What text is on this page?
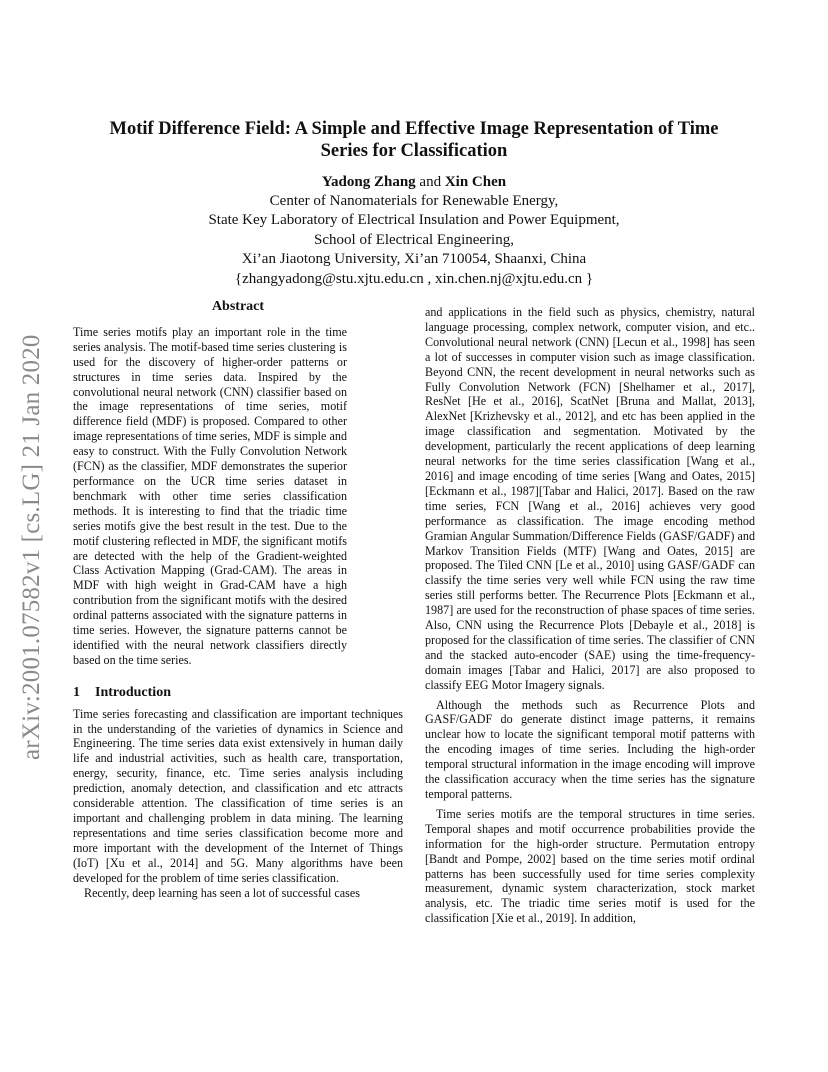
arXiv:2001.07582v1 [cs.LG] 21 Jan 2020
Motif Difference Field: A Simple and Effective Image Representation of Time
Series for Classification
Yadong Zhang and Xin Chen
Center of Nanomaterials for Renewable Energy,
State Key Laboratory of Electrical Insulation and Power Equipment,
School of Electrical Engineering,
Xi’an Jiaotong University, Xi’an 710054, Shaanxi, China
{zhangyadong@stu.xjtu.edu.cn , xin.chen.nj@xjtu.edu.cn }
Abstract

Time series motifs play an important role in the time series analysis. The motif-based time series clustering is used for the discovery of higher-order patterns or structures in time series data. Inspired by the convolutional neural network (CNN) classifier based on the image representations of time series, motif difference field (MDF) is proposed. Compared to other image representations of time series, MDF is simple and easy to construct. With the Fully Convolution Network (FCN) as the classifier, MDF demonstrates the superior performance on the UCR time series dataset in benchmark with other time series classification methods. It is interesting to find that the triadic time series motifs give the best result in the test. Due to the motif clustering reflected in MDF, the significant motifs are detected with the help of the Gradient-weighted Class Activation Mapping (Grad-CAM). The areas in MDF with high weight in Grad-CAM have a high contribution from the significant motifs with the desired ordinal patterns associated with the signature patterns in time series. However, the signature patterns cannot be identified with the neural network classifiers directly based on the time series.

1 Introduction

Time series forecasting and classification are important techniques in the understanding of the varieties of dynamics in Science and Engineering. The time series data exist extensively in human daily life and industrial activities, such as health care, transportation, energy, security, finance, etc. Time series analysis including prediction, anomaly detection, and classification and etc attracts considerable attention. The classification of time series is an important and challenging problem in data mining. The learning representations and time series classification become more and more important with the development of the Internet of Things (IoT) [Xu et al., 2014] and 5G. Many algorithms have been developed for the problem of time series classification.

Recently, deep learning has seen a lot of successful cases

and applications in the field such as physics, chemistry, natural language processing, complex network, computer vision, and etc.. Convolutional neural network (CNN) [Lecun et al., 1998] has seen a lot of successes in computer vision such as image classification. Beyond CNN, the recent development in neural networks such as Fully Convolution Network (FCN) [Shelhamer et al., 2017], ResNet [He et al., 2016], ScatNet [Bruna and Mallat, 2013], AlexNet [Krizhevsky et al., 2012], and etc has been applied in the image classification and segmentation. Motivated by the development, particularly the recent applications of deep learning neural networks for the time series classification [Wang et al., 2016] and image encoding of time series [Wang and Oates, 2015][Eckmann et al., 1987][Tabar and Halici, 2017]. Based on the raw time series, FCN [Wang et al., 2016] achieves very good performance as classification. The image encoding method Gramian Angular Summation/Difference Fields (GASF/GADF) and Markov Transition Fields (MTF) [Wang and Oates, 2015] are proposed. The Tiled CNN [Le et al., 2010] using GASF/GADF can classify the time series very well while FCN using the raw time series still performs better. The Recurrence Plots [Eckmann et al., 1987] are used for the reconstruction of phase spaces of time series. Also, CNN using the Recurrence Plots [Debayle et al., 2018] is proposed for the classification of time series. The classifier of CNN and the stacked auto-encoder (SAE) using the time-frequency-domain images [Tabar and Halici, 2017] are also proposed to classify EEG Motor Imagery signals.

Although the methods such as Recurrence Plots and GASF/GADF do generate distinct image patterns, it remains unclear how to locate the significant temporal motif patterns with the encoding images of time series. Including the high-order temporal structural information in the image encoding will improve the classification accuracy when the time series has the signature temporal patterns.

Time series motifs are the temporal structures in time series. Temporal shapes and motif occurrence probabilities provide the information for the high-order structure. Permutation entropy [Bandt and Pompe, 2002] based on the time series motif ordinal patterns has been successfully used for time series complexity measurement, dynamic system characterization, stock market analysis, etc. The triadic time series motif is used for the classification [Xie et al., 2019]. In addition,
